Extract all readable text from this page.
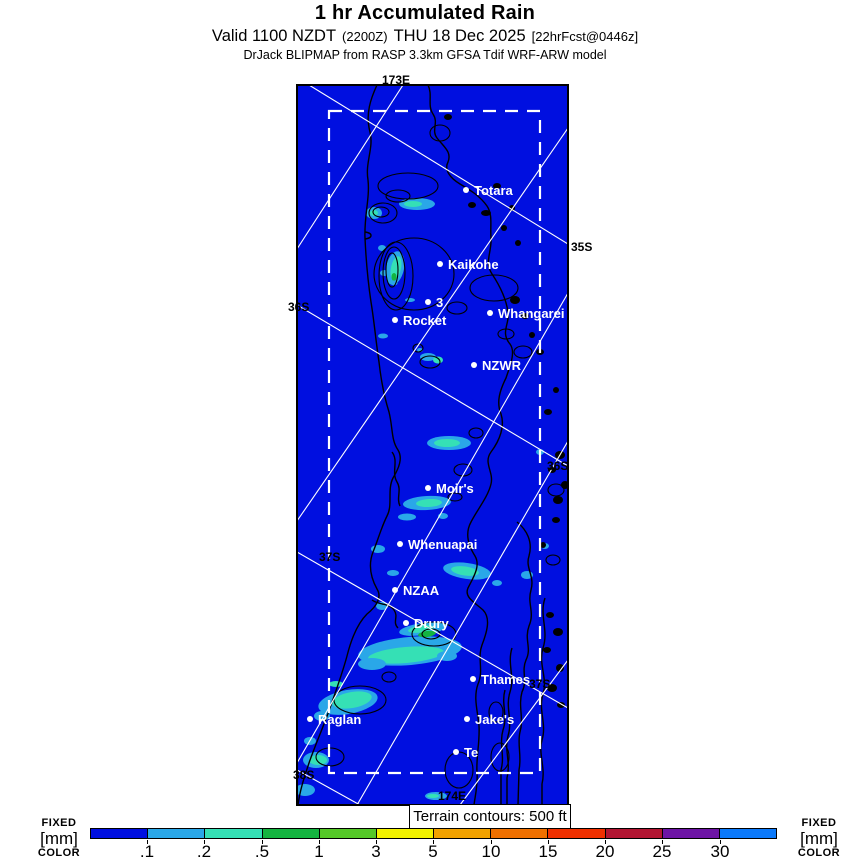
1 hr Accumulated Rain
Valid 1100 NZDT (2200Z) THU 18 Dec 2025 [22hrFcst@0446z]
DrJack BLIPMAP from RASP 3.3km GFSA Tdif WRF-ARW model
173E
35S
36S
36S
37S
37S
38S
174E
Totara
Kaikohe
3
Rocket	Whangarei
NZWR
Moir's
Whenuapai
NZAA
Drury
Thames
Raglan	Jake's
Te
Terrain contours: 500 ft
FIXED
[mm]
COLOR	.1	.2	.5	1	3	5	10 15 20 25 30
FIXED
[mm]
COLOR
